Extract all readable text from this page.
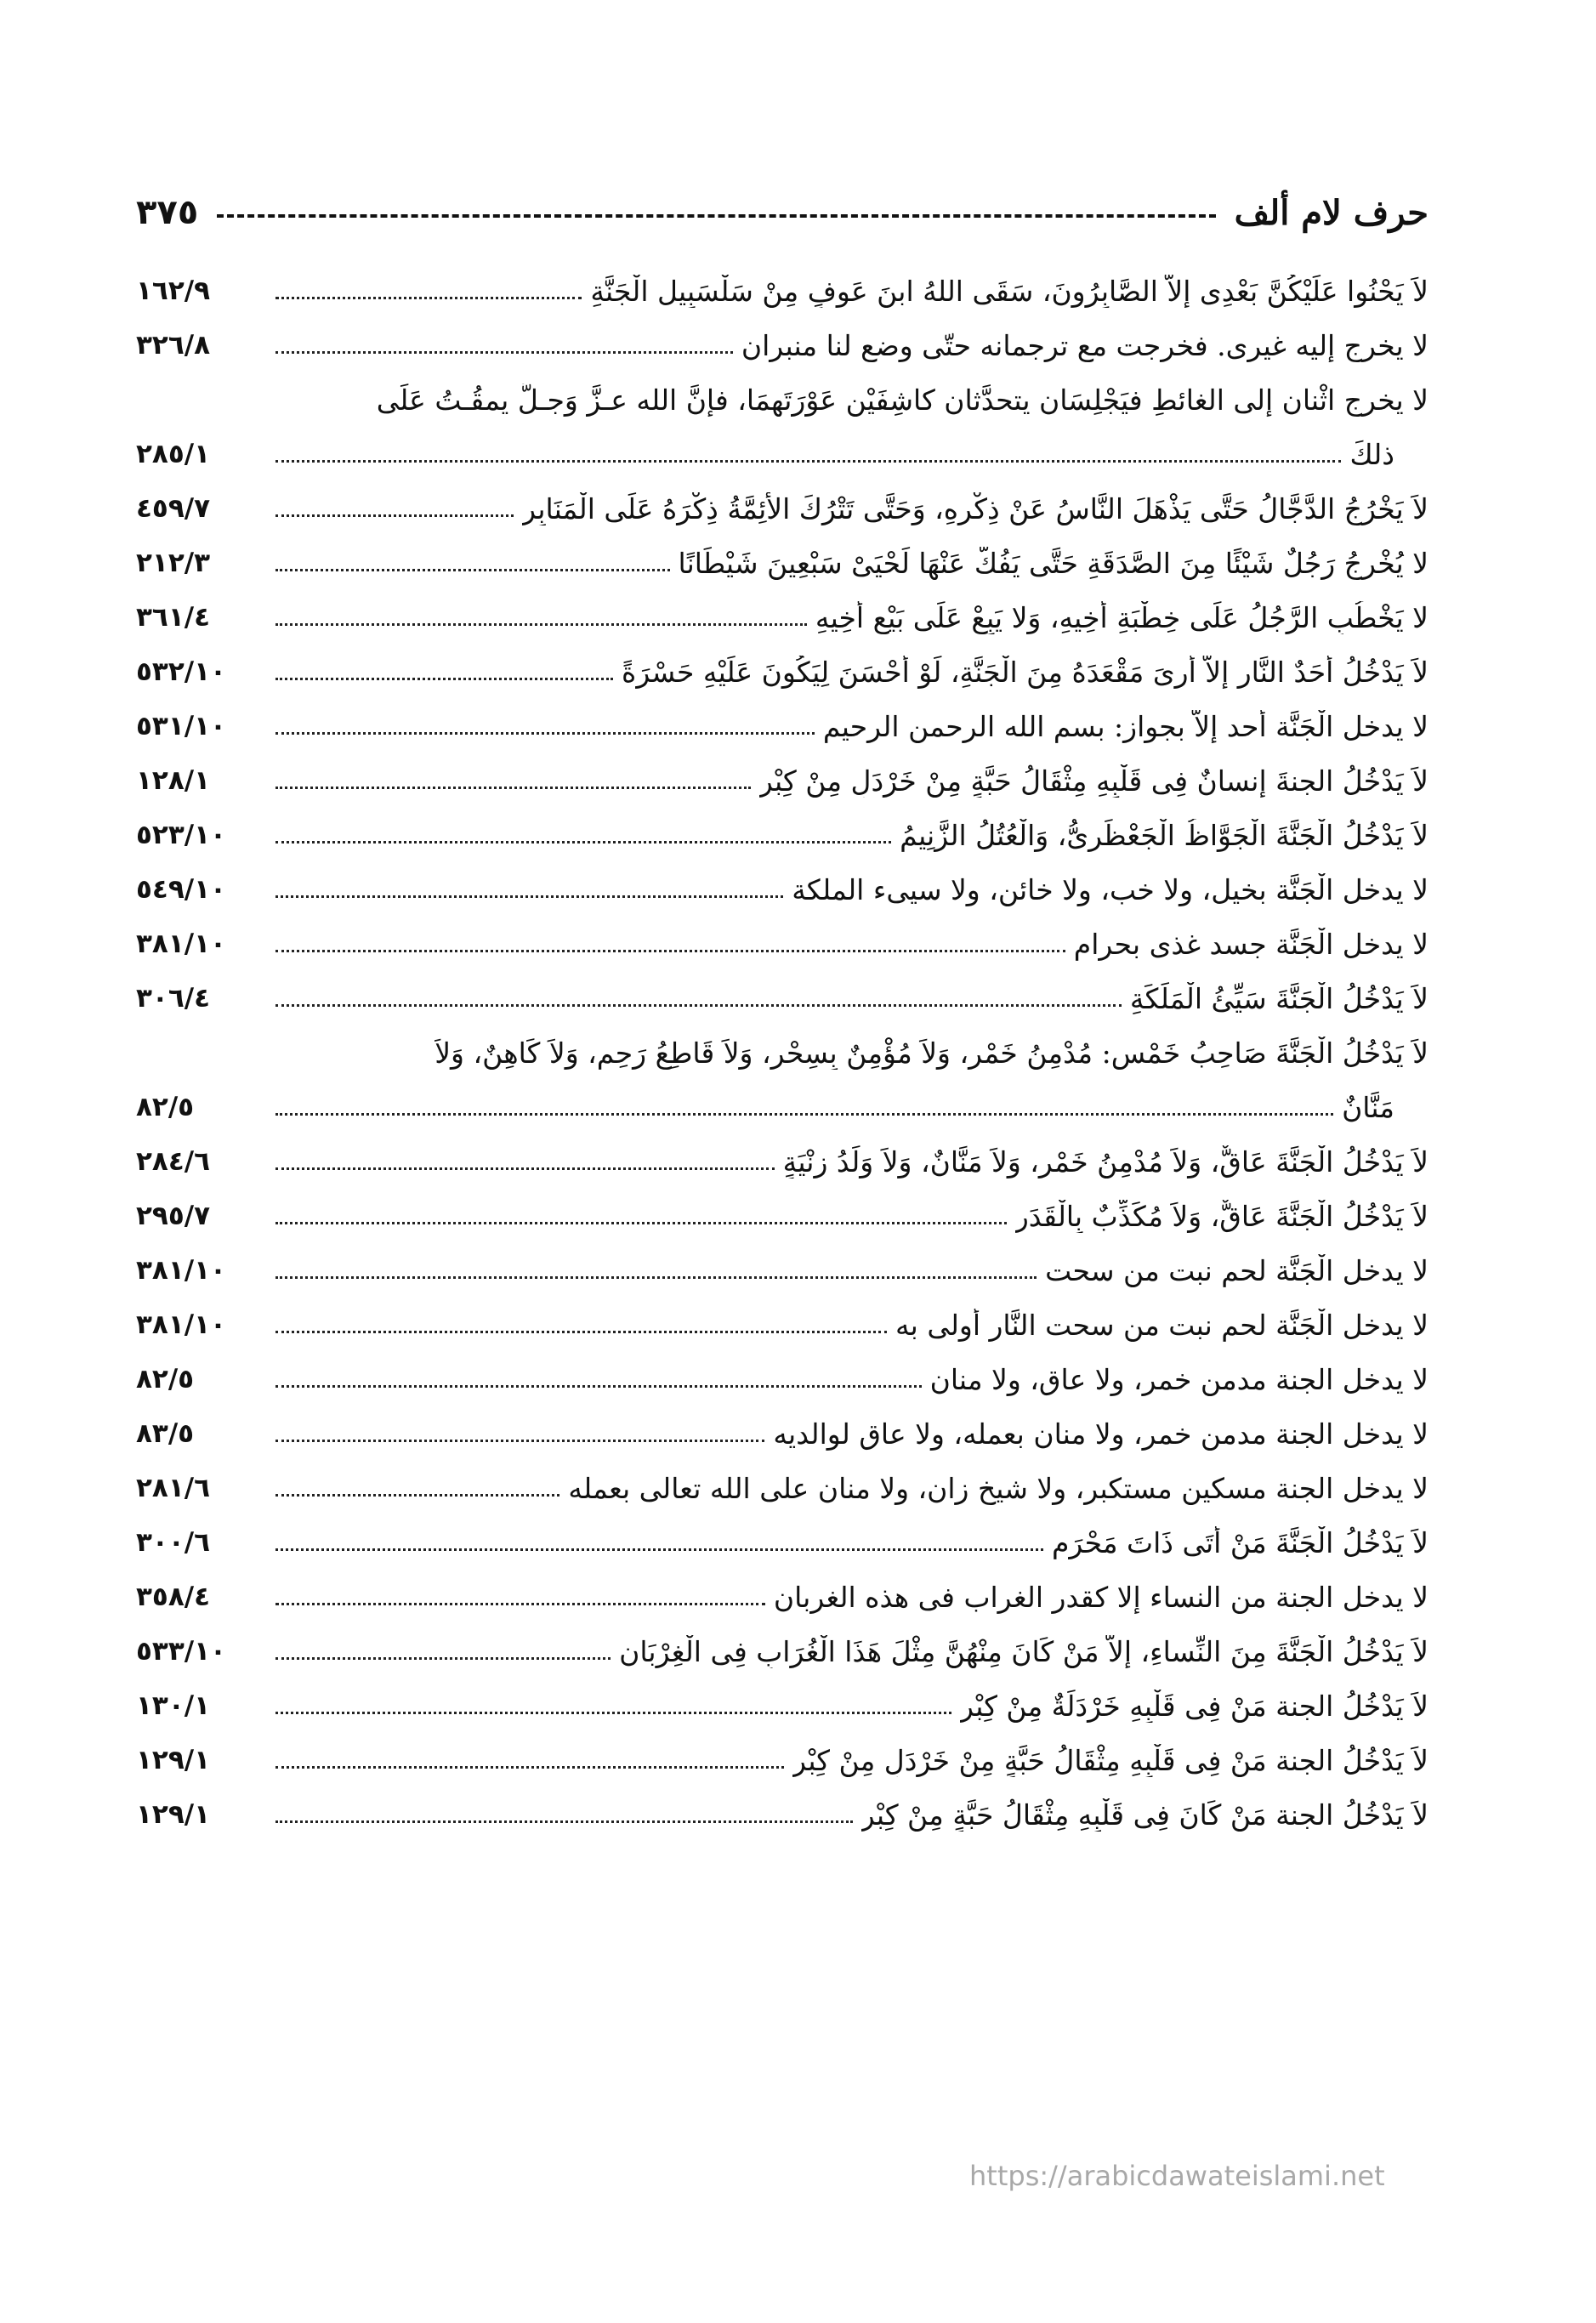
حرف لام ألف
٣٧٥
لاَ يَحْنُوا عَلَيْكُنَّ بَعْدِى إلاَّ الصَّابِرُونَ، سَقَى اللهُ ابنَ عَوفٍ مِنْ سَلْسَبِيلِ الْجَنَّةِ
١٦٢/٩
لا يخرج إليه غيرى. فخرجت مع ترجمانه حتّى وضع لنا منبران
٣٢٦/٨
لا يخرج اثْنان إلى الغائطِ فيَجْلِسَان يتحدَّثان كاشِفَيْن عَوْرَتَهمَا، فإنَّ الله عـزَّ وَجـلَّ يمقُـتُ عَلَى
ذلكَ
٢٨٥/١
لاَ يَخْرُجُ الدَّجَّالُ حَتَّى يَذْهَلَ النَّاسُ عَنْ ذِكْرِهِ، وَحَتَّى تَتْرُكَ الأئِمَّةُ ذِكْرَهُ عَلَى الْمَنَابِرِ
٤٥٩/٧
لا يُخْرِجُ رَجُلٌ شَيْئًا مِنَ الصَّدَقَةِ حَتَّى يَفُكَّ عَنْهَا لَحْيَىْ سَبْعِينَ شَيْطَانًا
٢١٢/٣
لا يَخْطُبِ الرَّجُلُ عَلَى خِطْبَةِ أَخِيهِ، وَلا يَبِعْ عَلَى بَيْعِ أَخِيهِ
٣٦١/٤
لاَ يَدْخُلُ أَحَدٌ النَّار إلاَّ أُرِىَ مَقْعَدَهُ مِنَ الْجَنَّةِ، لَوْ أَحْسَنَ لِيَكُونَ عَلَيْهِ حَسْرَةً
٥٣٢/١٠
لا يدخل الْجَنَّة أحد إلاَّ بجواز: بسم الله الرحمن الرحيم
٥٣١/١٠
لاَ يَدْخُلُ الجنةَ إنسانٌ فِى قَلْبِهِ مِثْقَالُ حَبَّةٍ مِنْ خَرْدَلٍ مِنْ كِبْرٍ
١٢٨/١
لاَ يَدْخُلُ الْجَنَّةَ الْجَوَّاظُ الْجَعْظَرِىُّ، وَالْعُتُلُ الزَّنِيمُ
٥٢٣/١٠
لا يدخل الْجَنَّة بخيل، ولا خب، ولا خائن، ولا سيىء الملكة
٥٤٩/١٠
لا يدخل الْجَنَّة جسد غذى بحرام
٣٨١/١٠
لاَ يَدْخُلُ الْجَنَّةَ سَيِّئُ الْمَلَكَةِ
٣٠٦/٤
لاَ يَدْخُلُ الْجَنَّةَ صَاحِبُ خَمْسٍ: مُدْمِنُ خَمْرٍ، وَلاَ مُؤْمِنٌ بِسِحْرٍ، وَلاَ قَاطِعُ رَحِمٍ، وَلاَ كَاهِنٌ، وَلاَ
مَنَّانٌ
٨٢/٥
لاَ يَدْخُلُ الْجَنَّةَ عَاقٌّ، وَلاَ مُدْمِنُ خَمْرٍ، وَلاَ مَنَّانٌ، وَلاَ وَلَدُ زِنْيَةٍ
٢٨٤/٦
لاَ يَدْخُلُ الْجَنَّةَ عَاقٌّ، وَلاَ مُكَذِّبٌ بِالْقَدَرِ
٢٩٥/٧
لا يدخل الْجَنَّة لحم نبت من سحت
٣٨١/١٠
لا يدخل الْجَنَّة لحم نبت من سحت النَّار أولى به
٣٨١/١٠
لا يدخل الجنة مدمن خمر، ولا عاق، ولا منان
٨٢/٥
لا يدخل الجنة مدمن خمر، ولا منان بعمله، ولا عاق لوالديه
٨٣/٥
لا يدخل الجنة مسكين مستكبر، ولا شيخ زان، ولا منان على الله تعالى بعمله
٢٨١/٦
لاَ يَدْخُلُ الْجَنَّةَ مَنْ أَتَى ذَاتَ مَحْرَمٍ
٣٠٠/٦
لا يدخل الجنة من النساء إلا كقدر الغراب فى هذه الغربان
٣٥٨/٤
لاَ يَدْخُلُ الْجَنَّةَ مِنَ النِّساءِ، إلاَّ مَنْ كَانَ مِنْهُنَّ مِثْلَ هَذَا الْغُرَابِ فِى الْغِرْبَانِ
٥٣٣/١٠
لاَ يَدْخُلُ الجنة مَنْ فِى قَلْبِهِ خَرْدَلَةٌ مِنْ كِبْرٍ
١٣٠/١
لاَ يَدْخُلُ الجنة مَنْ فِى قَلْبِهِ مِثْقَالُ حَبَّةٍ مِنْ خَرْدَلٍ مِنْ كِبْرٍ
١٢٩/١
لاَ يَدْخُلُ الجنة مَنْ كَانَ فِى قَلْبِهِ مِثْقَالُ حَبَّةٍ مِنْ كِبْرٍ
١٢٩/١
https://arabicdawateislami.net
